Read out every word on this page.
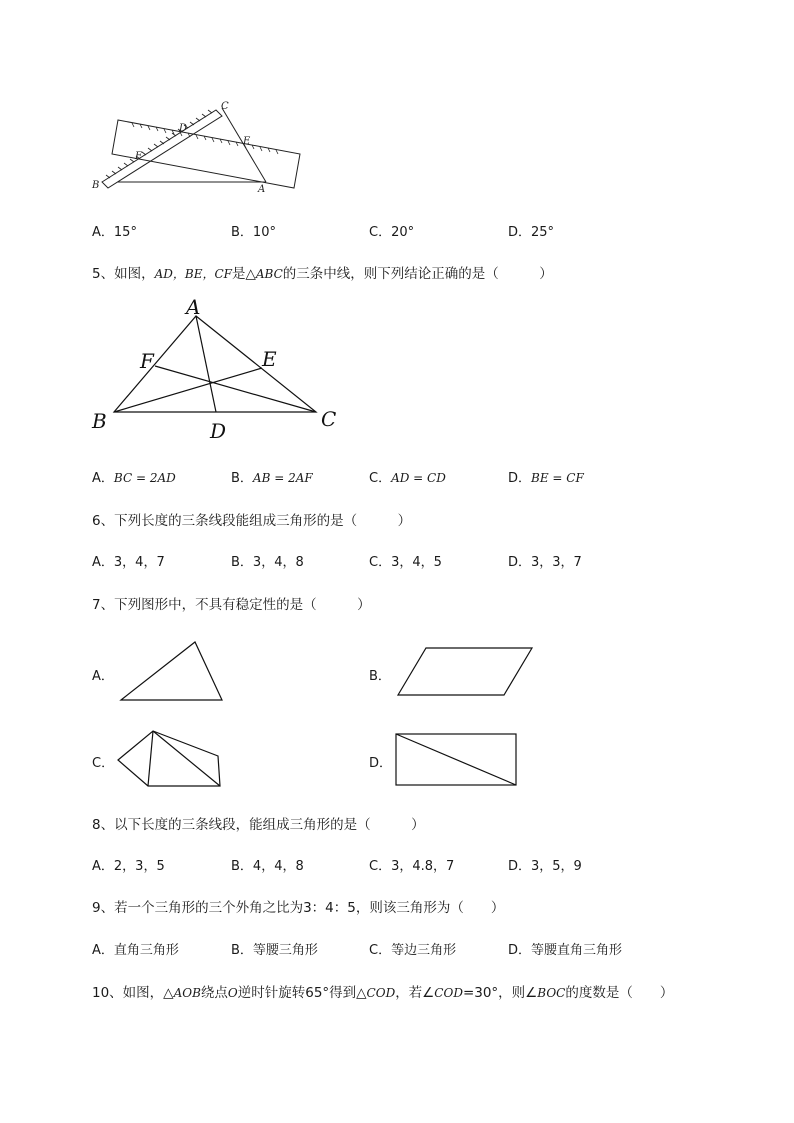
C
D
E
F
B	A
A．15°	B．10°	C．20°	D．25°
5、如图，AD，BE，CF是△ABC的三条中线，则下列结论正确的是（　　　）
A
F	E
B	D	C
A．BC = 2AD	B．AB = 2AF	C．AD = CD	D．BE = CF
6、下列长度的三条线段能组成三角形的是（　　　）
A．3，4，7	B．3，4，8	C．3，4，5	D．3，3，7
7、下列图形中，不具有稳定性的是（　　　）
A．	B．
C．	D．
8、以下长度的三条线段，能组成三角形的是（　　　）
A．2，3，5	B．4，4，8	C．3，4.8，7	D．3，5，9
9、若一个三角形的三个外角之比为3：4：5，则该三角形为（　　）
A．直角三角形	B．等腰三角形	C．等边三角形	D．等腰直角三角形
10、如图，△AOB绕点O逆时针旋转65°得到△COD，若∠COD=30°，则∠BOC的度数是（　　）
